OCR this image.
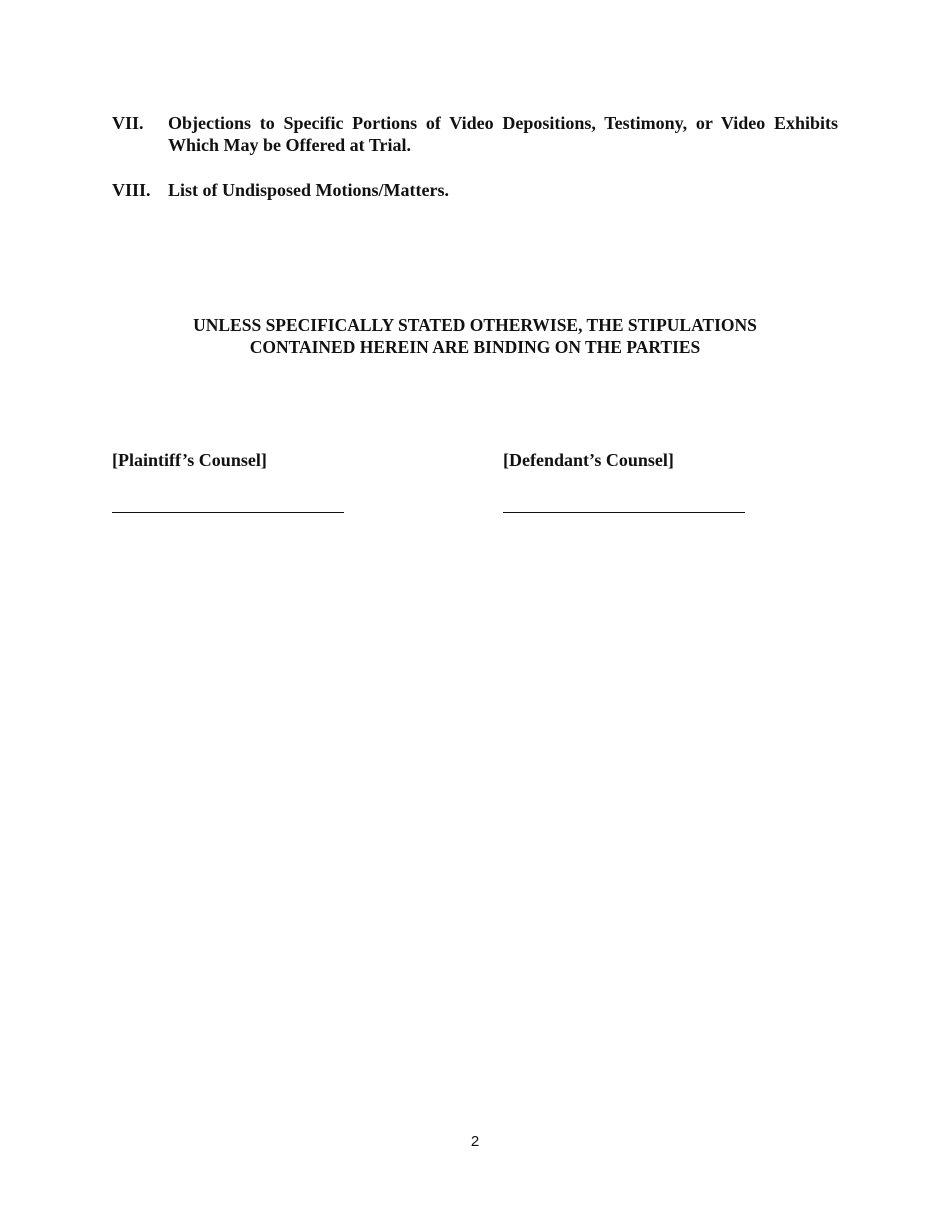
VII.	Objections to Specific Portions of Video Depositions, Testimony, or Video Exhibits Which May be Offered at Trial.
VIII. List of Undisposed Motions/Matters.
UNLESS SPECIFICALLY STATED OTHERWISE, THE STIPULATIONS
CONTAINED HEREIN ARE BINDING ON THE PARTIES
[Plaintiff’s Counsel]	[Defendant’s Counsel]
2
